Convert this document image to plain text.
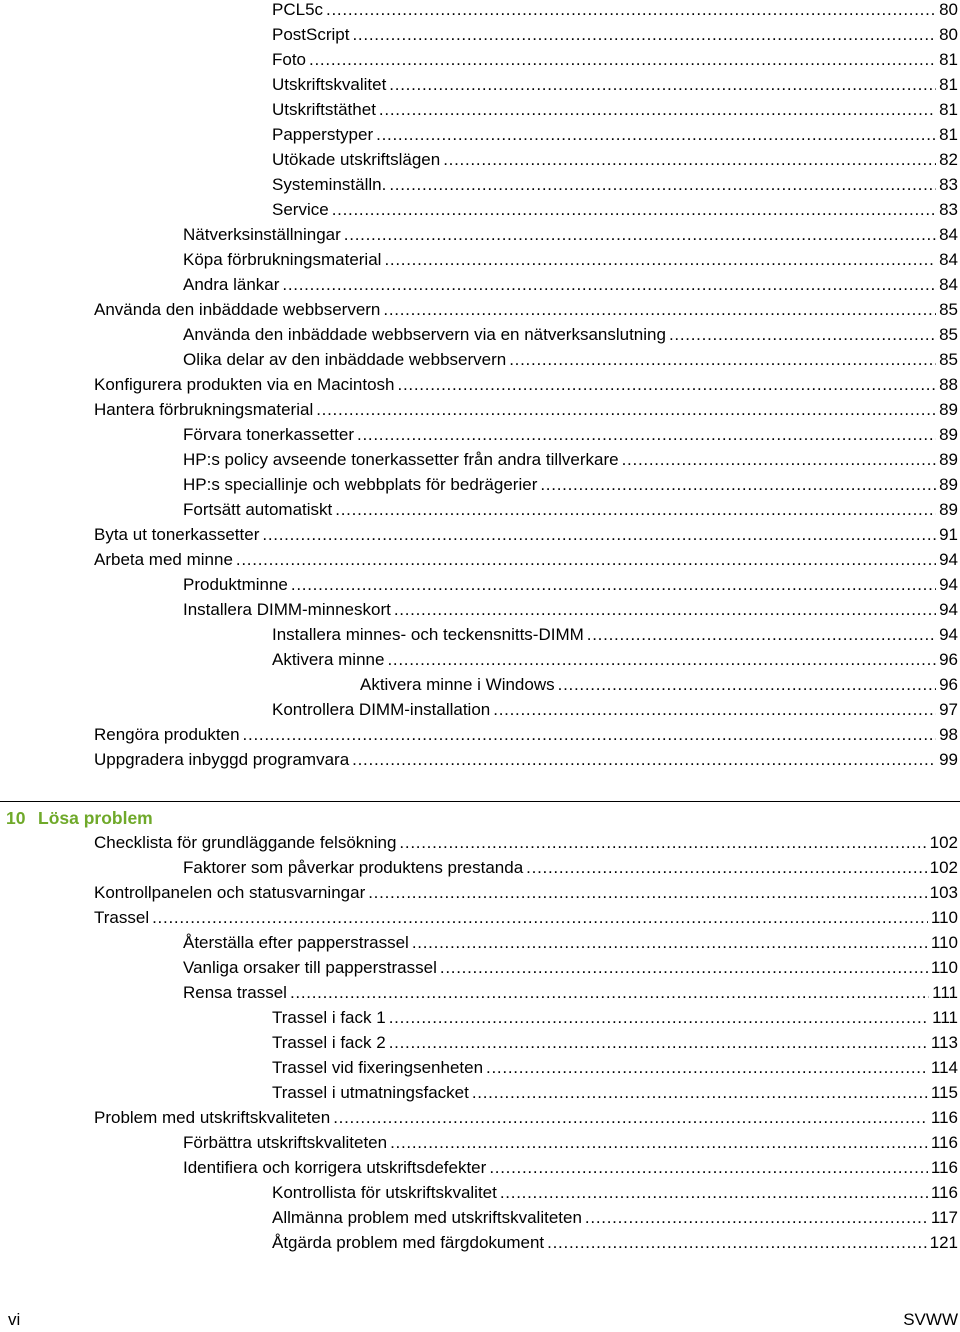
PCL5c . . .	80
PostScript . . .	80
Foto . . .	81
Utskriftskvalitet . . .	81
Utskriftstäthet . . .	81
Papperstyper . . .	81
Utökade utskriftslägen . . .	82
Systeminställn. . . .	83
Service . . .	83
Nätverksinställningar . . .	84
Köpa förbrukningsmaterial . . .	84
Andra länkar . . .	84
Använda den inbäddade webbservern . . .	85
Använda den inbäddade webbservern via en nätverksanslutning . . .	85
Olika delar av den inbäddade webbservern . . .	85
Konfigurera produkten via en Macintosh . . .	88
Hantera förbrukningsmaterial . . .	89
Förvara tonerkassetter . . .	89
HP:s policy avseende tonerkassetter från andra tillverkare . . .	89
HP:s speciallinje och webbplats för bedrägerier . . .	89
Fortsätt automatiskt . . .	89
Byta ut tonerkassetter . . .	91
Arbeta med minne . . .	94
Produktminne . . .	94
Installera DIMM-minneskort . . .	94
Installera minnes- och teckensnitts-DIMM . . .	94
Aktivera minne . . .	96
Aktivera minne i Windows . . .	96
Kontrollera DIMM-installation . . .	97
Rengöra produkten . . .	98
Uppgradera inbyggd programvara . . .	99
10 Lösa problem
Checklista för grundläggande felsökning . . .	102
Faktorer som påverkar produktens prestanda . . .	102
Kontrollpanelen och statusvarningar . . .	103
Trassel . . .	110
Återställa efter papperstrassel . . .	110
Vanliga orsaker till papperstrassel . . .	110
Rensa trassel . . .	111
Trassel i fack 1 . . .	111
Trassel i fack 2 . . .	113
Trassel vid fixeringsenheten . . .	114
Trassel i utmatningsfacket . . .	115
Problem med utskriftskvaliteten . . .	116
Förbättra utskriftskvaliteten . . .	116
Identifiera och korrigera utskriftsdefekter . . .	116
Kontrollista för utskriftskvalitet . . .	116
Allmänna problem med utskriftskvaliteten . . .	117
Åtgärda problem med färgdokument . . .	121
vi	SVWW
